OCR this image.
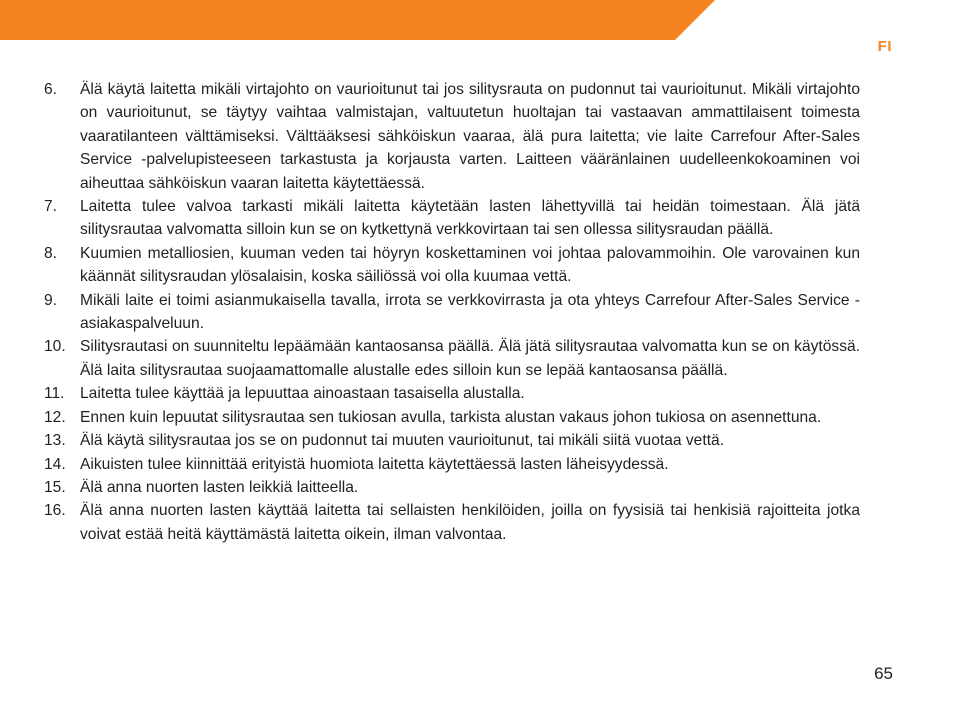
FI
6.	Älä käytä laitetta mikäli virtajohto on vaurioitunut tai jos silitysrauta on pudonnut tai vaurioitunut. Mikäli virtajohto on vaurioitunut, se täytyy vaihtaa valmistajan, valtuutetun huoltajan tai vastaavan ammattilaisent toimesta vaaratilanteen välttämiseksi. Välttääksesi sähköiskun vaaraa, älä pura laitetta; vie laite Carrefour After-Sales Service -palvelupisteeseen tarkastusta ja korjausta varten. Laitteen vääränlainen uudelleenkokoaminen voi aiheuttaa sähköiskun vaaran laitetta käytettäessä.
7.	Laitetta tulee valvoa tarkasti mikäli laitetta käytetään lasten lähettyvillä tai heidän toimestaan. Älä jätä silitysrautaa valvomatta silloin kun se on kytkettynä verkkovirtaan tai sen ollessa silitysraudan päällä.
8.	Kuumien metalliosien, kuuman veden tai höyryn koskettaminen voi johtaa palovammoihin. Ole varovainen kun käännät silitysraudan ylösalaisin, koska säiliössä voi olla kuumaa vettä.
9.	Mikäli laite ei toimi asianmukaisella tavalla, irrota se verkkovirrasta ja ota yhteys Carrefour After-Sales Service -asiakaspalveluun.
10. Silitysrautasi on suunniteltu lepäämään kantaosansa päällä. Älä jätä silitysrautaa valvomatta kun se on käytössä. Älä laita silitysrautaa suojaamattomalle alustalle edes silloin kun se lepää kantaosansa päällä.
11. Laitetta tulee käyttää ja lepuuttaa ainoastaan tasaisella alustalla.
12. Ennen kuin lepuutat silitysrautaa sen tukiosan avulla, tarkista alustan vakaus johon tukiosa on asennettuna.
13. Älä käytä silitysrautaa jos se on pudonnut tai muuten vaurioitunut, tai mikäli siitä vuotaa vettä.
14. Aikuisten tulee kiinnittää erityistä huomiota laitetta käytettäessä lasten läheisyydessä.
15. Älä anna nuorten lasten leikkiä laitteella.
16. Älä anna nuorten lasten käyttää laitetta tai sellaisten henkilöiden, joilla on fyysisiä tai henkisiä rajoitteita jotka voivat estää heitä käyttämästä laitetta oikein, ilman valvontaa.
65
